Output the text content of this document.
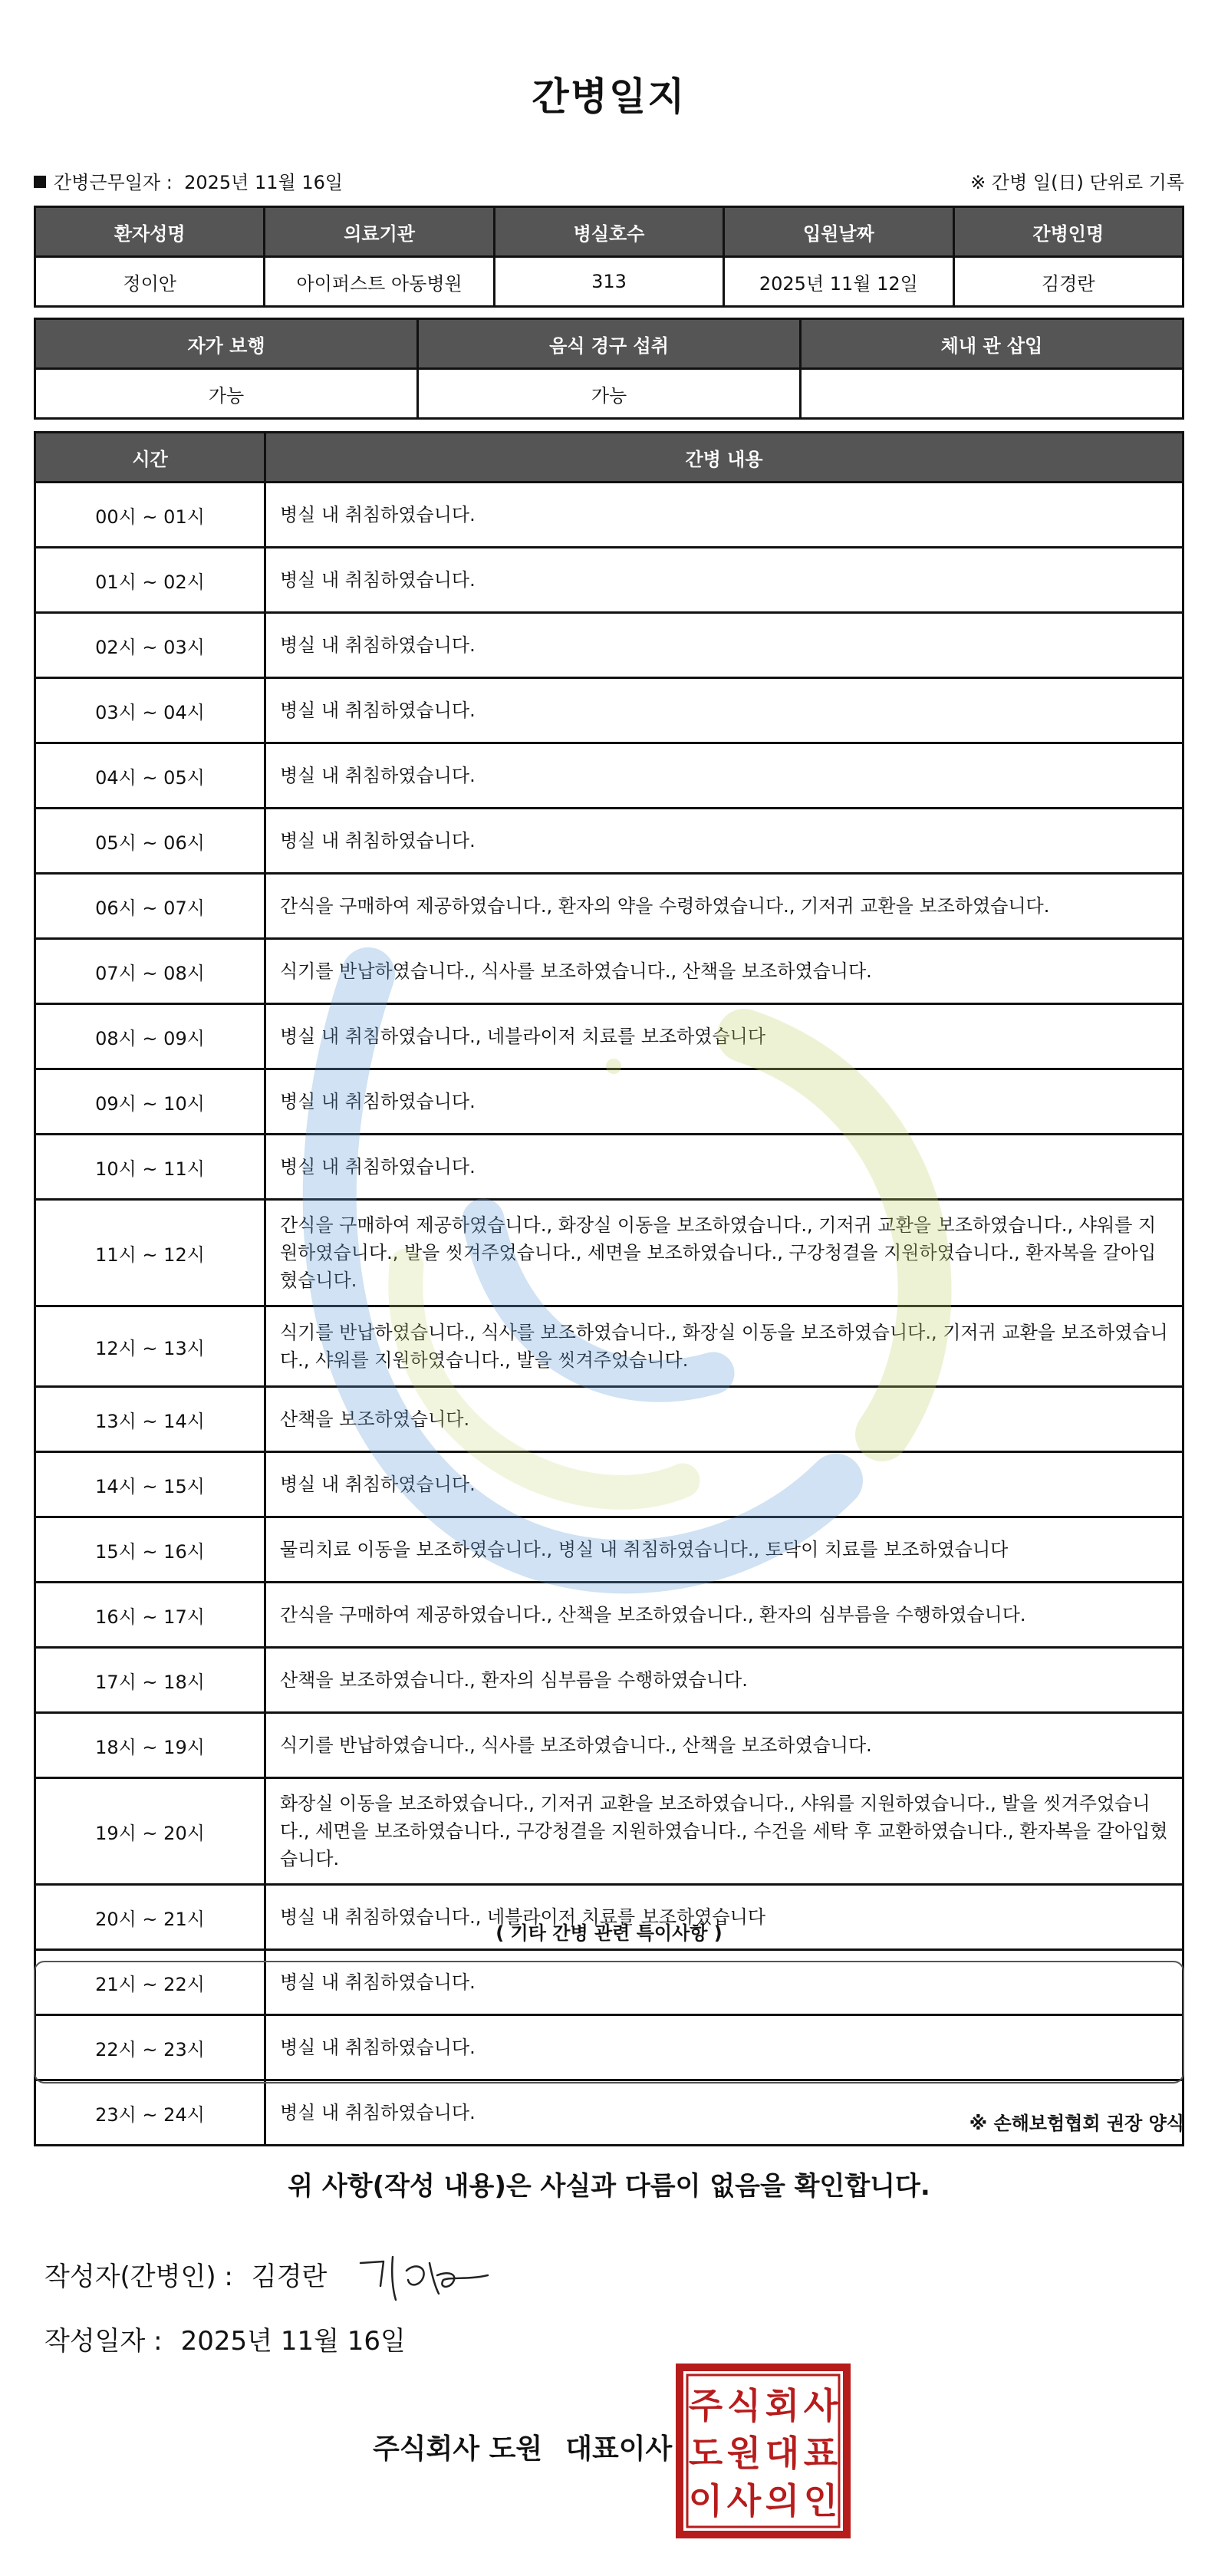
간병일지
간병근무일자 :  2025년 11월 16일	※ 간병 일(日) 단위로 기록
환자성명	의료기관	병실호수	입원날짜	간병인명
정이안	아이퍼스트 아동병원	313	2025년 11월 12일	김경란
자가 보행	음식 경구 섭취	체내 관 삽입
가능	가능	
시간	간병 내용
00시 ~ 01시	병실 내 취침하였습니다.
01시 ~ 02시	병실 내 취침하였습니다.
02시 ~ 03시	병실 내 취침하였습니다.
03시 ~ 04시	병실 내 취침하였습니다.
04시 ~ 05시	병실 내 취침하였습니다.
05시 ~ 06시	병실 내 취침하였습니다.
06시 ~ 07시	간식을 구매하여 제공하였습니다., 환자의 약을 수령하였습니다., 기저귀 교환을 보조하였습니다.
07시 ~ 08시	식기를 반납하였습니다., 식사를 보조하였습니다., 산책을 보조하였습니다.
08시 ~ 09시	병실 내 취침하였습니다., 네블라이저 치료를 보조하였습니다
09시 ~ 10시	병실 내 취침하였습니다.
10시 ~ 11시	병실 내 취침하였습니다.
11시 ~ 12시	간식을 구매하여 제공하였습니다., 화장실 이동을 보조하였습니다., 기저귀 교환을 보조하였습니다., 샤워를 지원하였습니다., 발을 씻겨주었습니다., 세면을 보조하였습니다., 구강청결을 지원하였습니다., 환자복을 갈아입혔습니다.
12시 ~ 13시	식기를 반납하였습니다., 식사를 보조하였습니다., 화장실 이동을 보조하였습니다., 기저귀 교환을 보조하였습니다., 샤워를 지원하였습니다., 발을 씻겨주었습니다.
13시 ~ 14시	산책을 보조하였습니다.
14시 ~ 15시	병실 내 취침하였습니다.
15시 ~ 16시	물리치료 이동을 보조하였습니다., 병실 내 취침하였습니다., 토닥이 치료를 보조하였습니다
16시 ~ 17시	간식을 구매하여 제공하였습니다., 산책을 보조하였습니다., 환자의 심부름을 수행하였습니다.
17시 ~ 18시	산책을 보조하였습니다., 환자의 심부름을 수행하였습니다.
18시 ~ 19시	식기를 반납하였습니다., 식사를 보조하였습니다., 산책을 보조하였습니다.
19시 ~ 20시	화장실 이동을 보조하였습니다., 기저귀 교환을 보조하였습니다., 샤워를 지원하였습니다., 발을 씻겨주었습니다., 세면을 보조하였습니다., 구강청결을 지원하였습니다., 수건을 세탁 후 교환하였습니다., 환자복을 갈아입혔습니다.
20시 ~ 21시	병실 내 취침하였습니다., 네블라이저 치료를 보조하였습니다
21시 ~ 22시	병실 내 취침하였습니다.
22시 ~ 23시	병실 내 취침하였습니다.
23시 ~ 24시	병실 내 취침하였습니다.
( 기타 간병 관련 특이사항 )
※ 손해보험협회 권장 양식
위 사항(작성 내용)은 사실과 다름이 없음을 확인합니다.
작성자(간병인) : 김경란
작성일자 : 2025년 11월 16일
주식회사 도원 대표이사
주 식 회 사
도 원 대 표
이 사 의 인
